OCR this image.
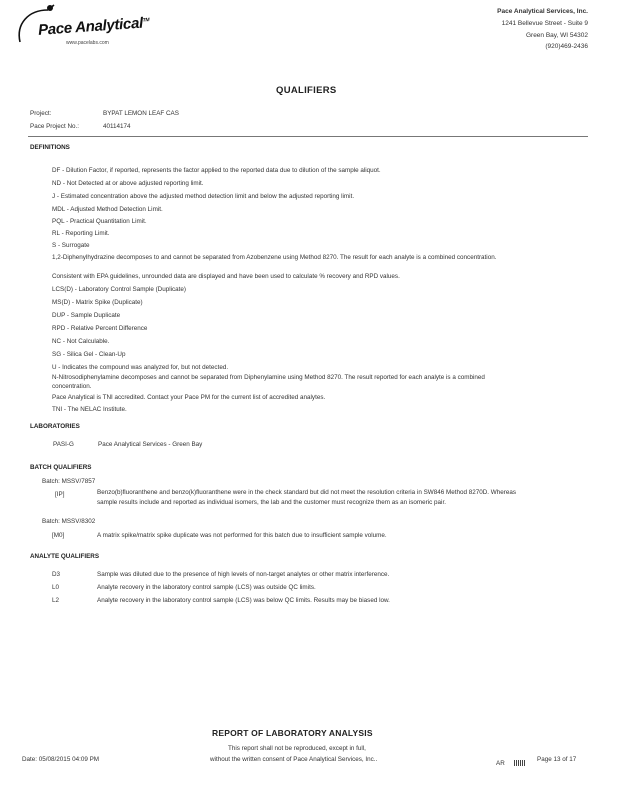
Pace Analytical™
www.pacelabs.com
Pace Analytical Services, Inc.
1241 Bellevue Street - Suite 9
Green Bay, WI 54302
(920)469-2436
QUALIFIERS
Project:	BYPAT LEMON LEAF CAS
Pace Project No.:	40114174
DEFINITIONS
DF - Dilution Factor, if reported, represents the factor applied to the reported data due to dilution of the sample aliquot.
ND - Not Detected at or above adjusted reporting limit.
J - Estimated concentration above the adjusted method detection limit and below the adjusted reporting limit.
MDL - Adjusted Method Detection Limit.
PQL - Practical Quantitation Limit.
RL - Reporting Limit.
S - Surrogate
1,2-Diphenylhydrazine decomposes to and cannot be separated from Azobenzene using Method 8270. The result for each analyte is a combined concentration.
Consistent with EPA guidelines, unrounded data are displayed and have been used to calculate % recovery and RPD values.
LCS(D) - Laboratory Control Sample (Duplicate)
MS(D) - Matrix Spike (Duplicate)
DUP - Sample Duplicate
RPD - Relative Percent Difference
NC - Not Calculable.
SG - Silica Gel - Clean-Up
U - Indicates the compound was analyzed for, but not detected.
N-Nitrosodiphenylamine decomposes and cannot be separated from Diphenylamine using Method 8270. The result reported for each analyte is a combined concentration.
Pace Analytical is TNI accredited. Contact your Pace PM for the current list of accredited analytes.
TNI - The NELAC Institute.
LABORATORIES
PASI-G	Pace Analytical Services - Green Bay
BATCH QUALIFIERS
Batch: MSSV/7857
[IP]	Benzo(b)fluoranthene and benzo(k)fluoranthene were in the check standard but did not meet the resolution criteria in SW846 Method 8270D. Whereas sample results include and reported as individual isomers, the lab and the customer must recognize them as an isomeric pair.
Batch: MSSV/8302
[M0]	A matrix spike/matrix spike duplicate was not performed for this batch due to insufficient sample volume.
ANALYTE QUALIFIERS
D3	Sample was diluted due to the presence of high levels of non-target analytes or other matrix interference.
L0	Analyte recovery in the laboratory control sample (LCS) was outside QC limits.
L2	Analyte recovery in the laboratory control sample (LCS) was below QC limits. Results may be biased low.
REPORT OF LABORATORY ANALYSIS
This report shall not be reproduced, except in full,
without the written consent of Pace Analytical Services, Inc..
Date: 05/08/2015 04:09 PM
AR
Page 13 of 17
